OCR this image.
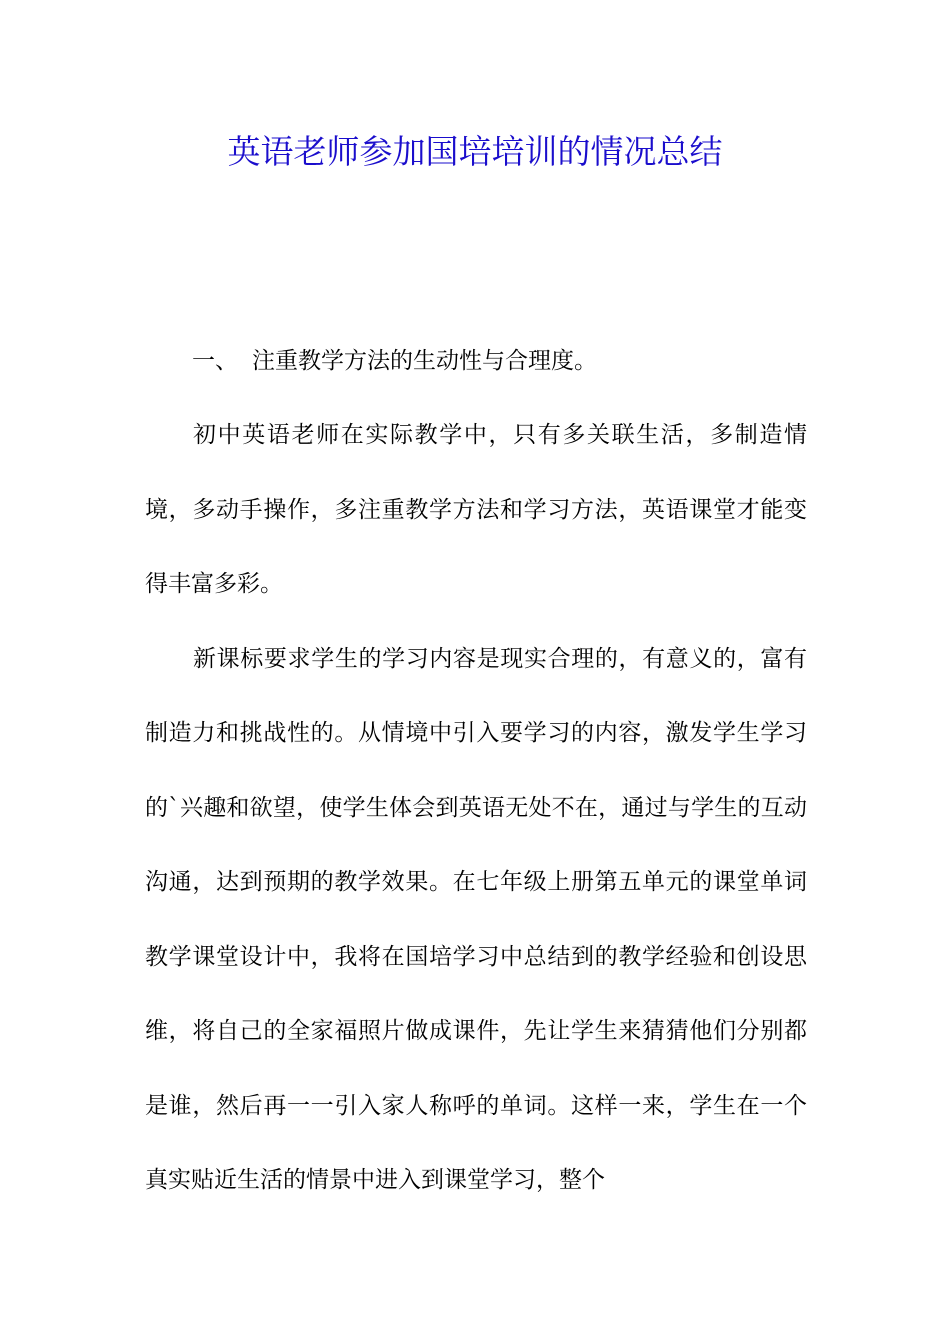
英语老师参加国培培训的情况总结
一、 注重教学方法的生动性与合理度。

初中英语老师在实际教学中，只有多关联生活，多制造情境，多动手操作，多注重教学方法和学习方法，英语课堂才能变得丰富多彩。

新课标要求学生的学习内容是现实合理的，有意义的，富有制造力和挑战性的。从情境中引入要学习的内容，激发学生学习的`兴趣和欲望，使学生体会到英语无处不在，通过与学生的互动沟通，达到预期的教学效果。在七年级上册第五单元的课堂单词教学课堂设计中，我将在国培学习中总结到的教学经验和创设思维，将自己的全家福照片做成课件，先让学生来猜猜他们分别都是谁，然后再一一引入家人称呼的单词。这样一来，学生在一个真实贴近生活的情景中进入到课堂学习，整个
